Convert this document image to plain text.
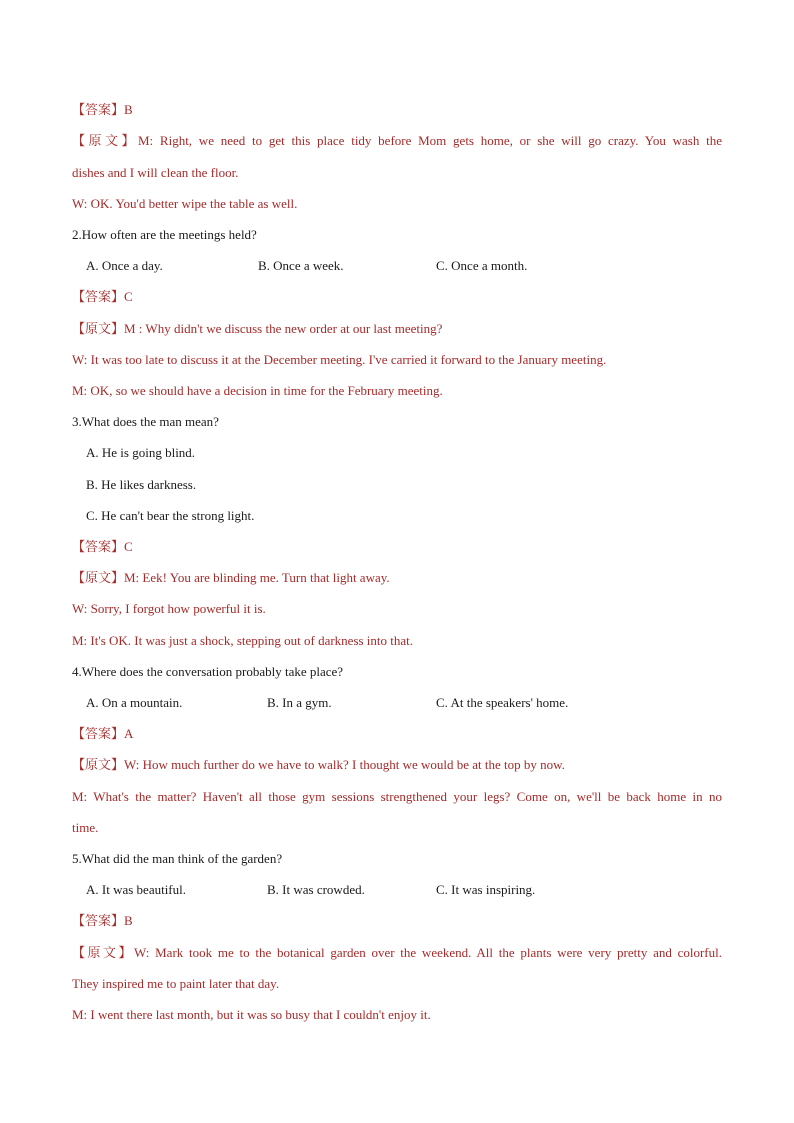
【答案】B
【原文】M: Right, we need to get this place tidy before Mom gets home, or she will go crazy. You wash the
dishes and I will clean the floor.
W: OK. You'd better wipe the table as well.
2.How often are the meetings held?
A. Once a day.	B. Once a week.	C. Once a month.
【答案】C
【原文】M : Why didn't we discuss the new order at our last meeting?
W: It was too late to discuss it at the December meeting. I've carried it forward to the January meeting.
M: OK, so we should have a decision in time for the February meeting.
3.What does the man mean?
A. He is going blind.
B. He likes darkness.
C. He can't bear the strong light.
【答案】C
【原文】M: Eek! You are blinding me. Turn that light away.
W: Sorry, I forgot how powerful it is.
M: It's OK. It was just a shock, stepping out of darkness into that.
4.Where does the conversation probably take place?
A. On a mountain.	B. In a gym.	C. At the speakers' home.
【答案】A
【原文】W: How much further do we have to walk? I thought we would be at the top by now.
M: What's the matter? Haven't all those gym sessions strengthened your legs? Come on, we'll be back home in no
time.
5.What did the man think of the garden?
A. It was beautiful.	B. It was crowded.	C. It was inspiring.
【答案】B
【原文】W: Mark took me to the botanical garden over the weekend. All the plants were very pretty and colorful.
They inspired me to paint later that day.
M: I went there last month, but it was so busy that I couldn't enjoy it.
